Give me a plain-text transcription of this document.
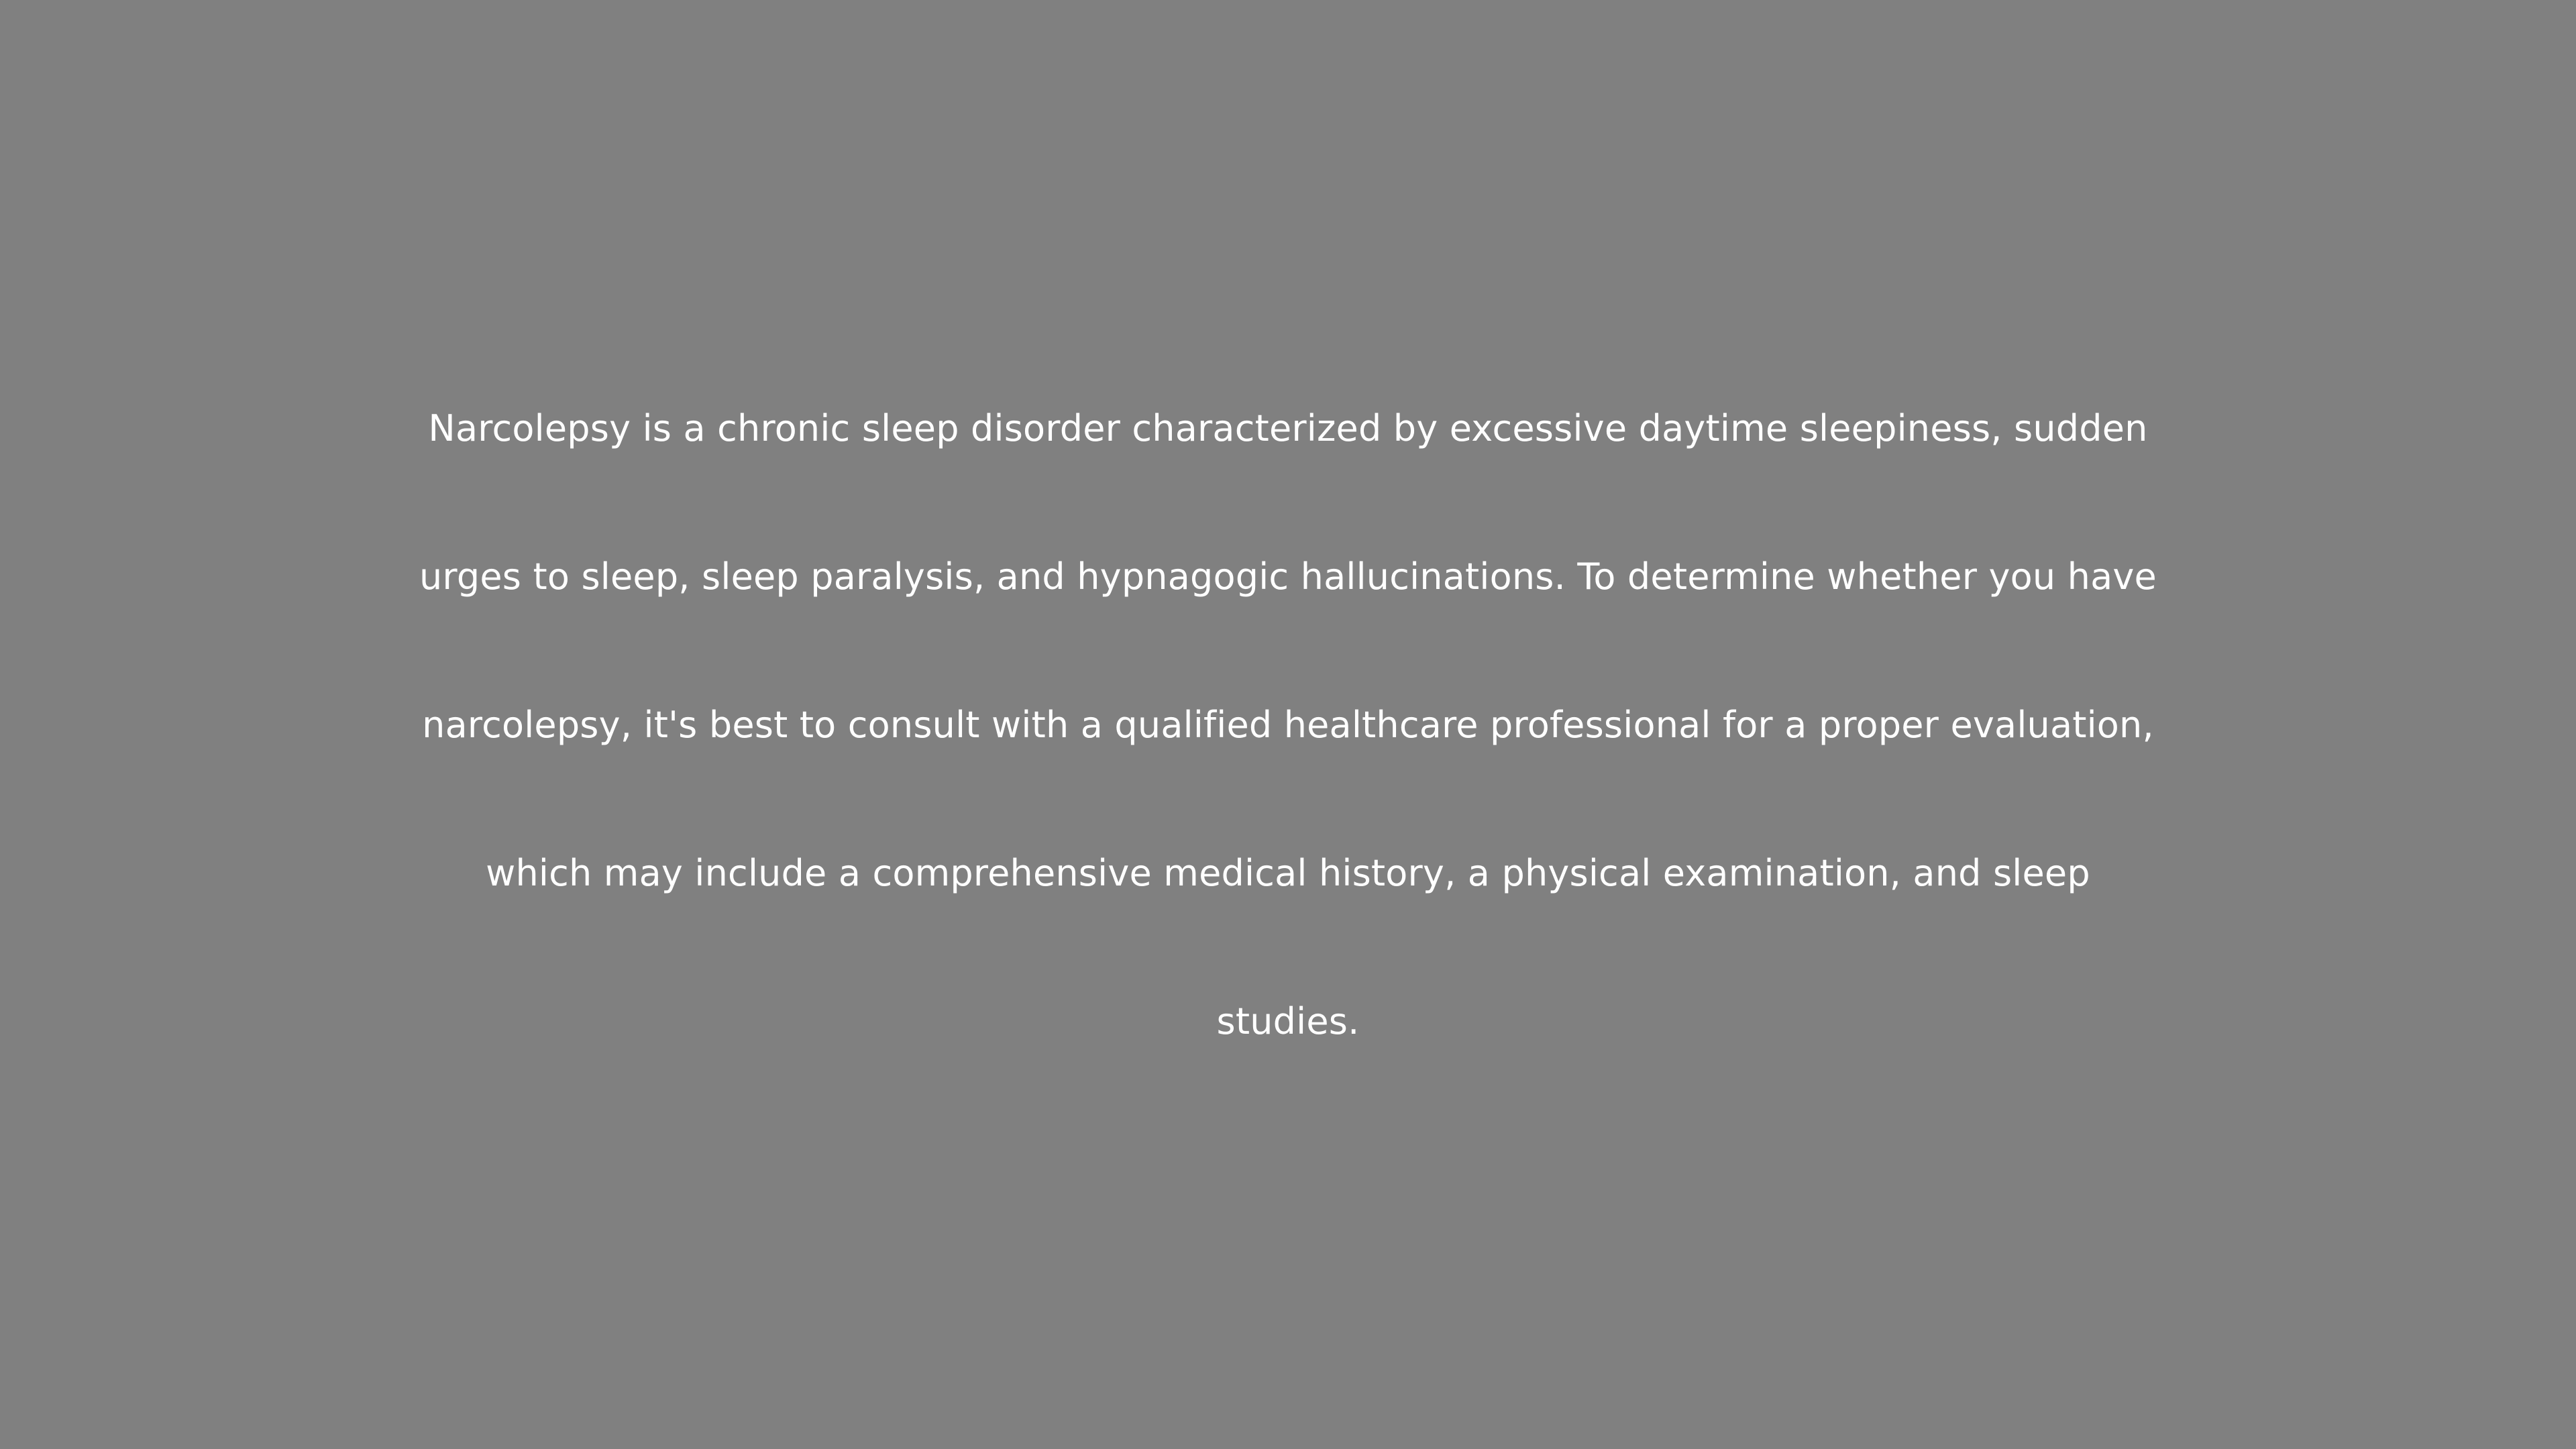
Narcolepsy is a chronic sleep disorder characterized by excessive daytime sleepiness, sudden
urges to sleep, sleep paralysis, and hypnagogic hallucinations. To determine whether you have
narcolepsy, it's best to consult with a qualified healthcare professional for a proper evaluation,
which may include a comprehensive medical history, a physical examination, and sleep
studies.
